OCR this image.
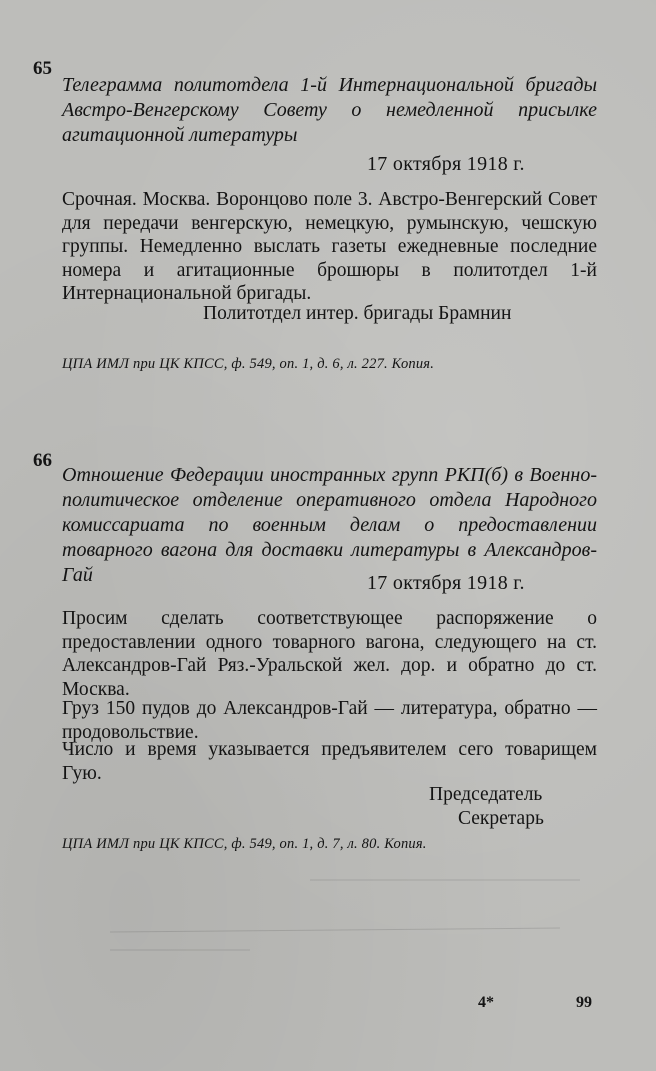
65
Телеграмма политотдела 1-й Интернациональной бригады Австро-Венгерскому Совету о немедленной присылке агитационной литературы
17 октября 1918 г.
Срочная. Москва. Воронцово поле 3. Австро-Венгерский Совет для передачи венгерскую, немецкую, румынскую, чешскую группы. Немедленно выслать газеты ежедневные последние номера и агитационные брошюры в политотдел 1-й Интернациональной бригады.
Политотдел интер. бригады Брамнин
ЦПА ИМЛ при ЦК КПСС, ф. 549, оп. 1, д. 6, л. 227. Копия.
66
Отношение Федерации иностранных групп РКП(б) в Военно-политическое отделение оперативного отдела Народного комиссариата по военным делам о предоставлении товарного вагона для доставки литературы в Александров-Гай	17 октября 1918 г.
Просим сделать соответствующее распоряжение о предоставлении одного товарного вагона, следующего на ст. Александров-Гай Ряз.-Уральской жел. дор. и обратно до ст. Москва.
Груз 150 пудов до Александров-Гай — литература, обратно — продовольствие.
Число и время указывается предъявителем сего товарищем Гую.
Председатель
Секретарь
ЦПА ИМЛ при ЦК КПСС, ф. 549, оп. 1, д. 7, л. 80. Копия.
4*	99
